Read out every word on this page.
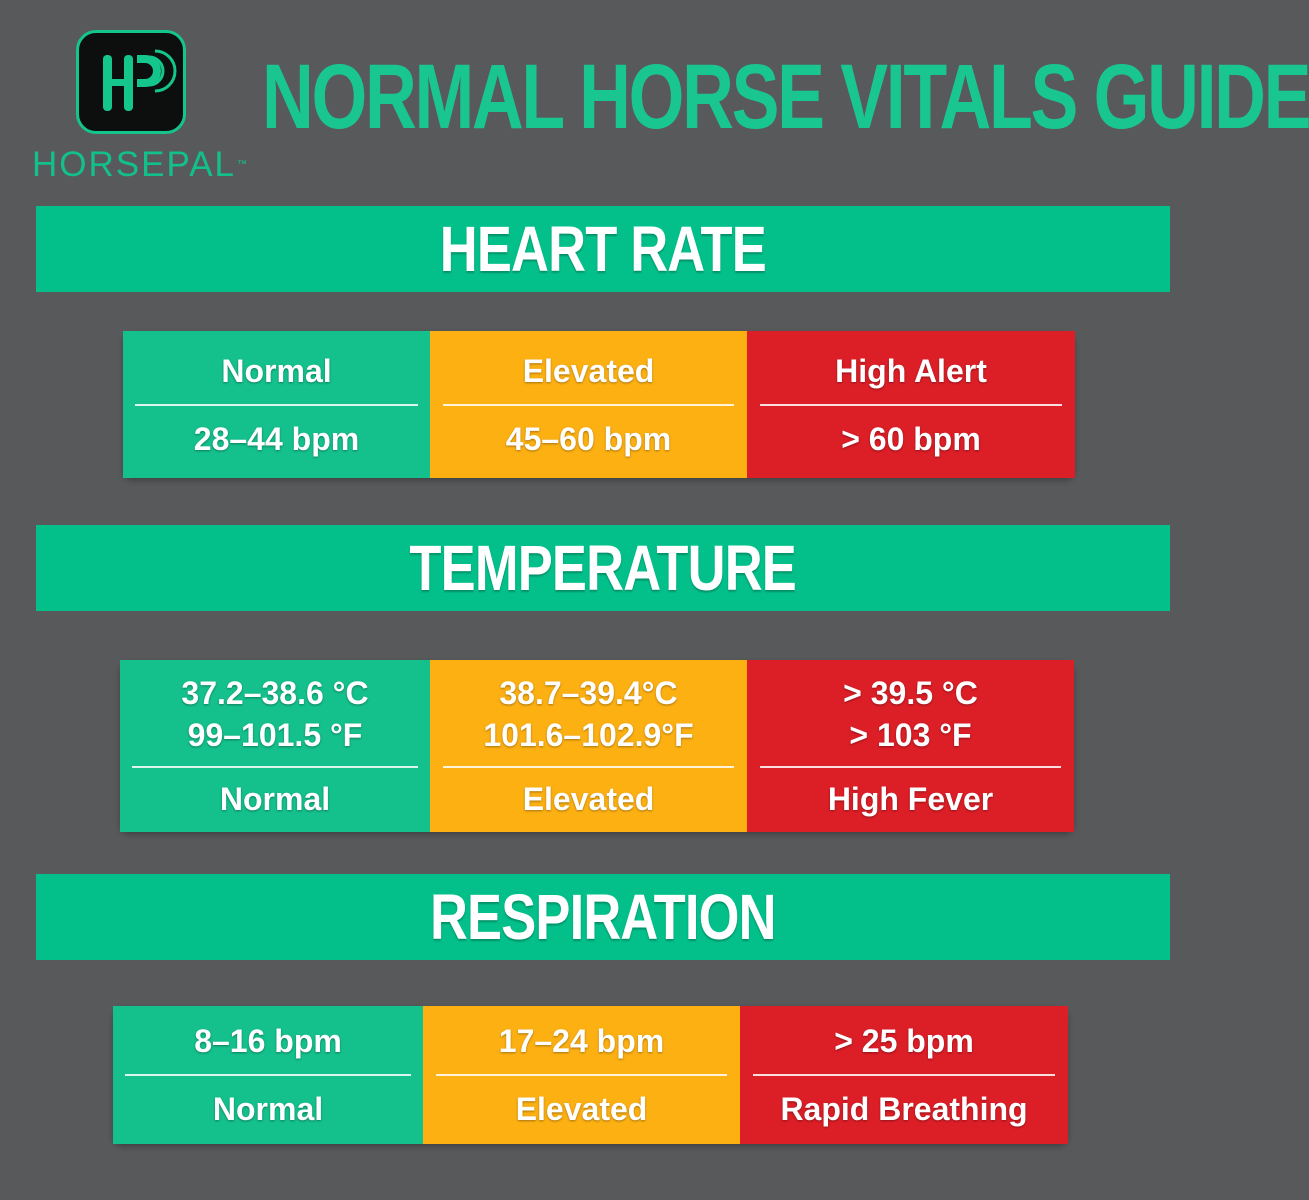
HORSEPAL™
NORMAL HORSE VITALS GUIDE
HEART RATE
Normal
28–44 bpm
Elevated
45–60 bpm
High Alert
> 60 bpm
TEMPERATURE
37.2–38.6 °C
99–101.5 °F
Normal
38.7–39.4°C
101.6–102.9°F
Elevated
> 39.5 °C
> 103 °F
High Fever
RESPIRATION
8–16 bpm
Normal
17–24 bpm
Elevated
> 25 bpm
Rapid Breathing
